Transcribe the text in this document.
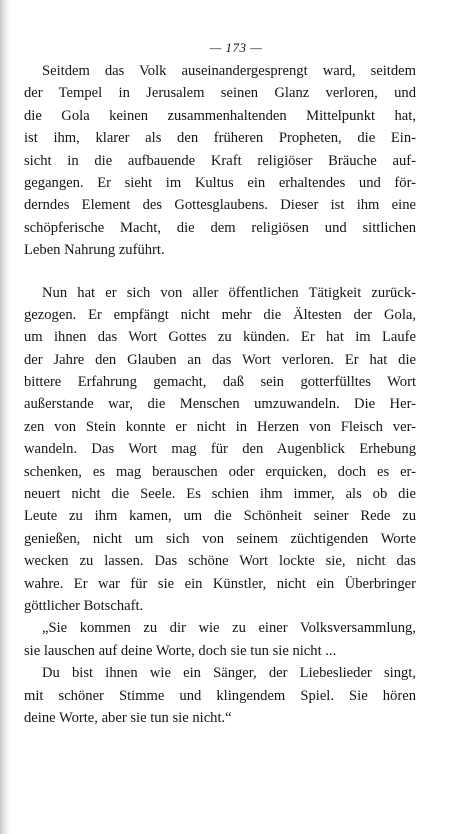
— 173 —
Seitdem das Volk auseinandergesprengt ward, seitdem
der Tempel in Jerusalem seinen Glanz verloren, und
die Gola keinen zusammenhaltenden Mittelpunkt hat,
ist ihm, klarer als den früheren Propheten, die Ein-
sicht in die aufbauende Kraft religiöser Bräuche auf-
gegangen. Er sieht im Kultus ein erhaltendes und för-
derndes Element des Gottesglaubens. Dieser ist ihm eine
schöpferische Macht, die dem religiösen und sittlichen
Leben Nahrung zuführt.
Nun hat er sich von aller öffentlichen Tätigkeit zurück-
gezogen. Er empfängt nicht mehr die Ältesten der Gola,
um ihnen das Wort Gottes zu künden. Er hat im Laufe
der Jahre den Glauben an das Wort verloren. Er hat die
bittere Erfahrung gemacht, daß sein gotterfülltes Wort
außerstande war, die Menschen umzuwandeln. Die Her-
zen von Stein konnte er nicht in Herzen von Fleisch ver-
wandeln. Das Wort mag für den Augenblick Erhebung
schenken, es mag berauschen oder erquicken, doch es er-
neuert nicht die Seele. Es schien ihm immer, als ob die
Leute zu ihm kamen, um die Schönheit seiner Rede zu
genießen, nicht um sich von seinem züchtigenden Worte
wecken zu lassen. Das schöne Wort lockte sie, nicht das
wahre. Er war für sie ein Künstler, nicht ein Überbringer
göttlicher Botschaft.
„Sie kommen zu dir wie zu einer Volksversammlung,
sie lauschen auf deine Worte, doch sie tun sie nicht ...
Du bist ihnen wie ein Sänger, der Liebeslieder singt,
mit schöner Stimme und klingendem Spiel. Sie hören
deine Worte, aber sie tun sie nicht.“
